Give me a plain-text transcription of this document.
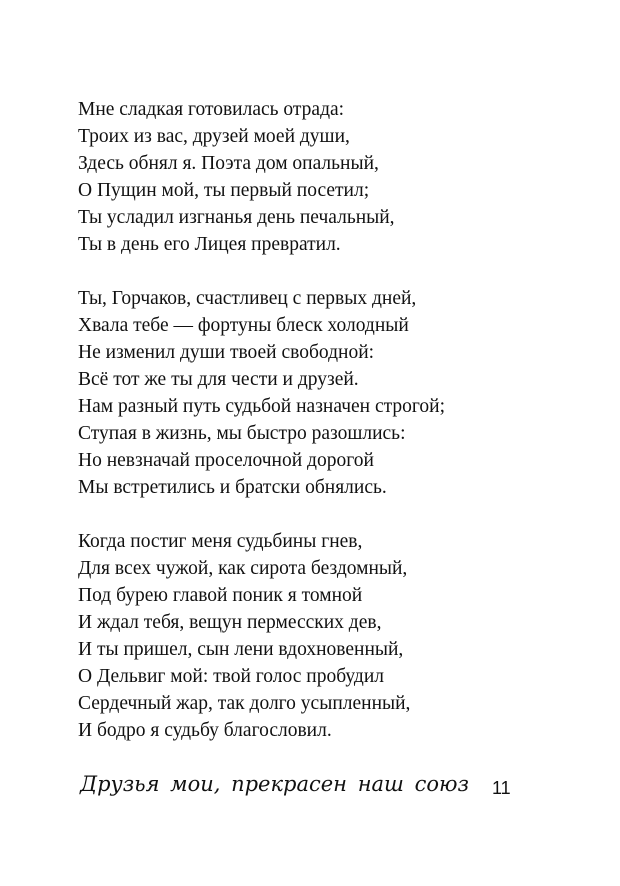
Мне сладкая готовилась отрада:
Троих из вас, друзей моей души,
Здесь обнял я. Поэта дом опальный,
О Пущин мой, ты первый посетил;
Ты усладил изгнанья день печальный,
Ты в день его Лицея превратил.
Ты, Горчаков, счастливец с первых дней,
Хвала тебе — фортуны блеск холодный
Не изменил души твоей свободной:
Всё тот же ты для чести и друзей.
Нам разный путь судьбой назначен строгой;
Ступая в жизнь, мы быстро разошлись:
Но невзначай проселочной дорогой
Мы встретились и братски обнялись.
Когда постиг меня судьбины гнев,
Для всех чужой, как сирота бездомный,
Под бурею главой поник я томной
И ждал тебя, вещун пермесских дев,
И ты пришел, сын лени вдохновенный,
О Дельвиг мой: твой голос пробудил
Сердечный жар, так долго усыпленный,
И бодро я судьбу благословил.
Друзья мои, прекрасен наш союз 11
